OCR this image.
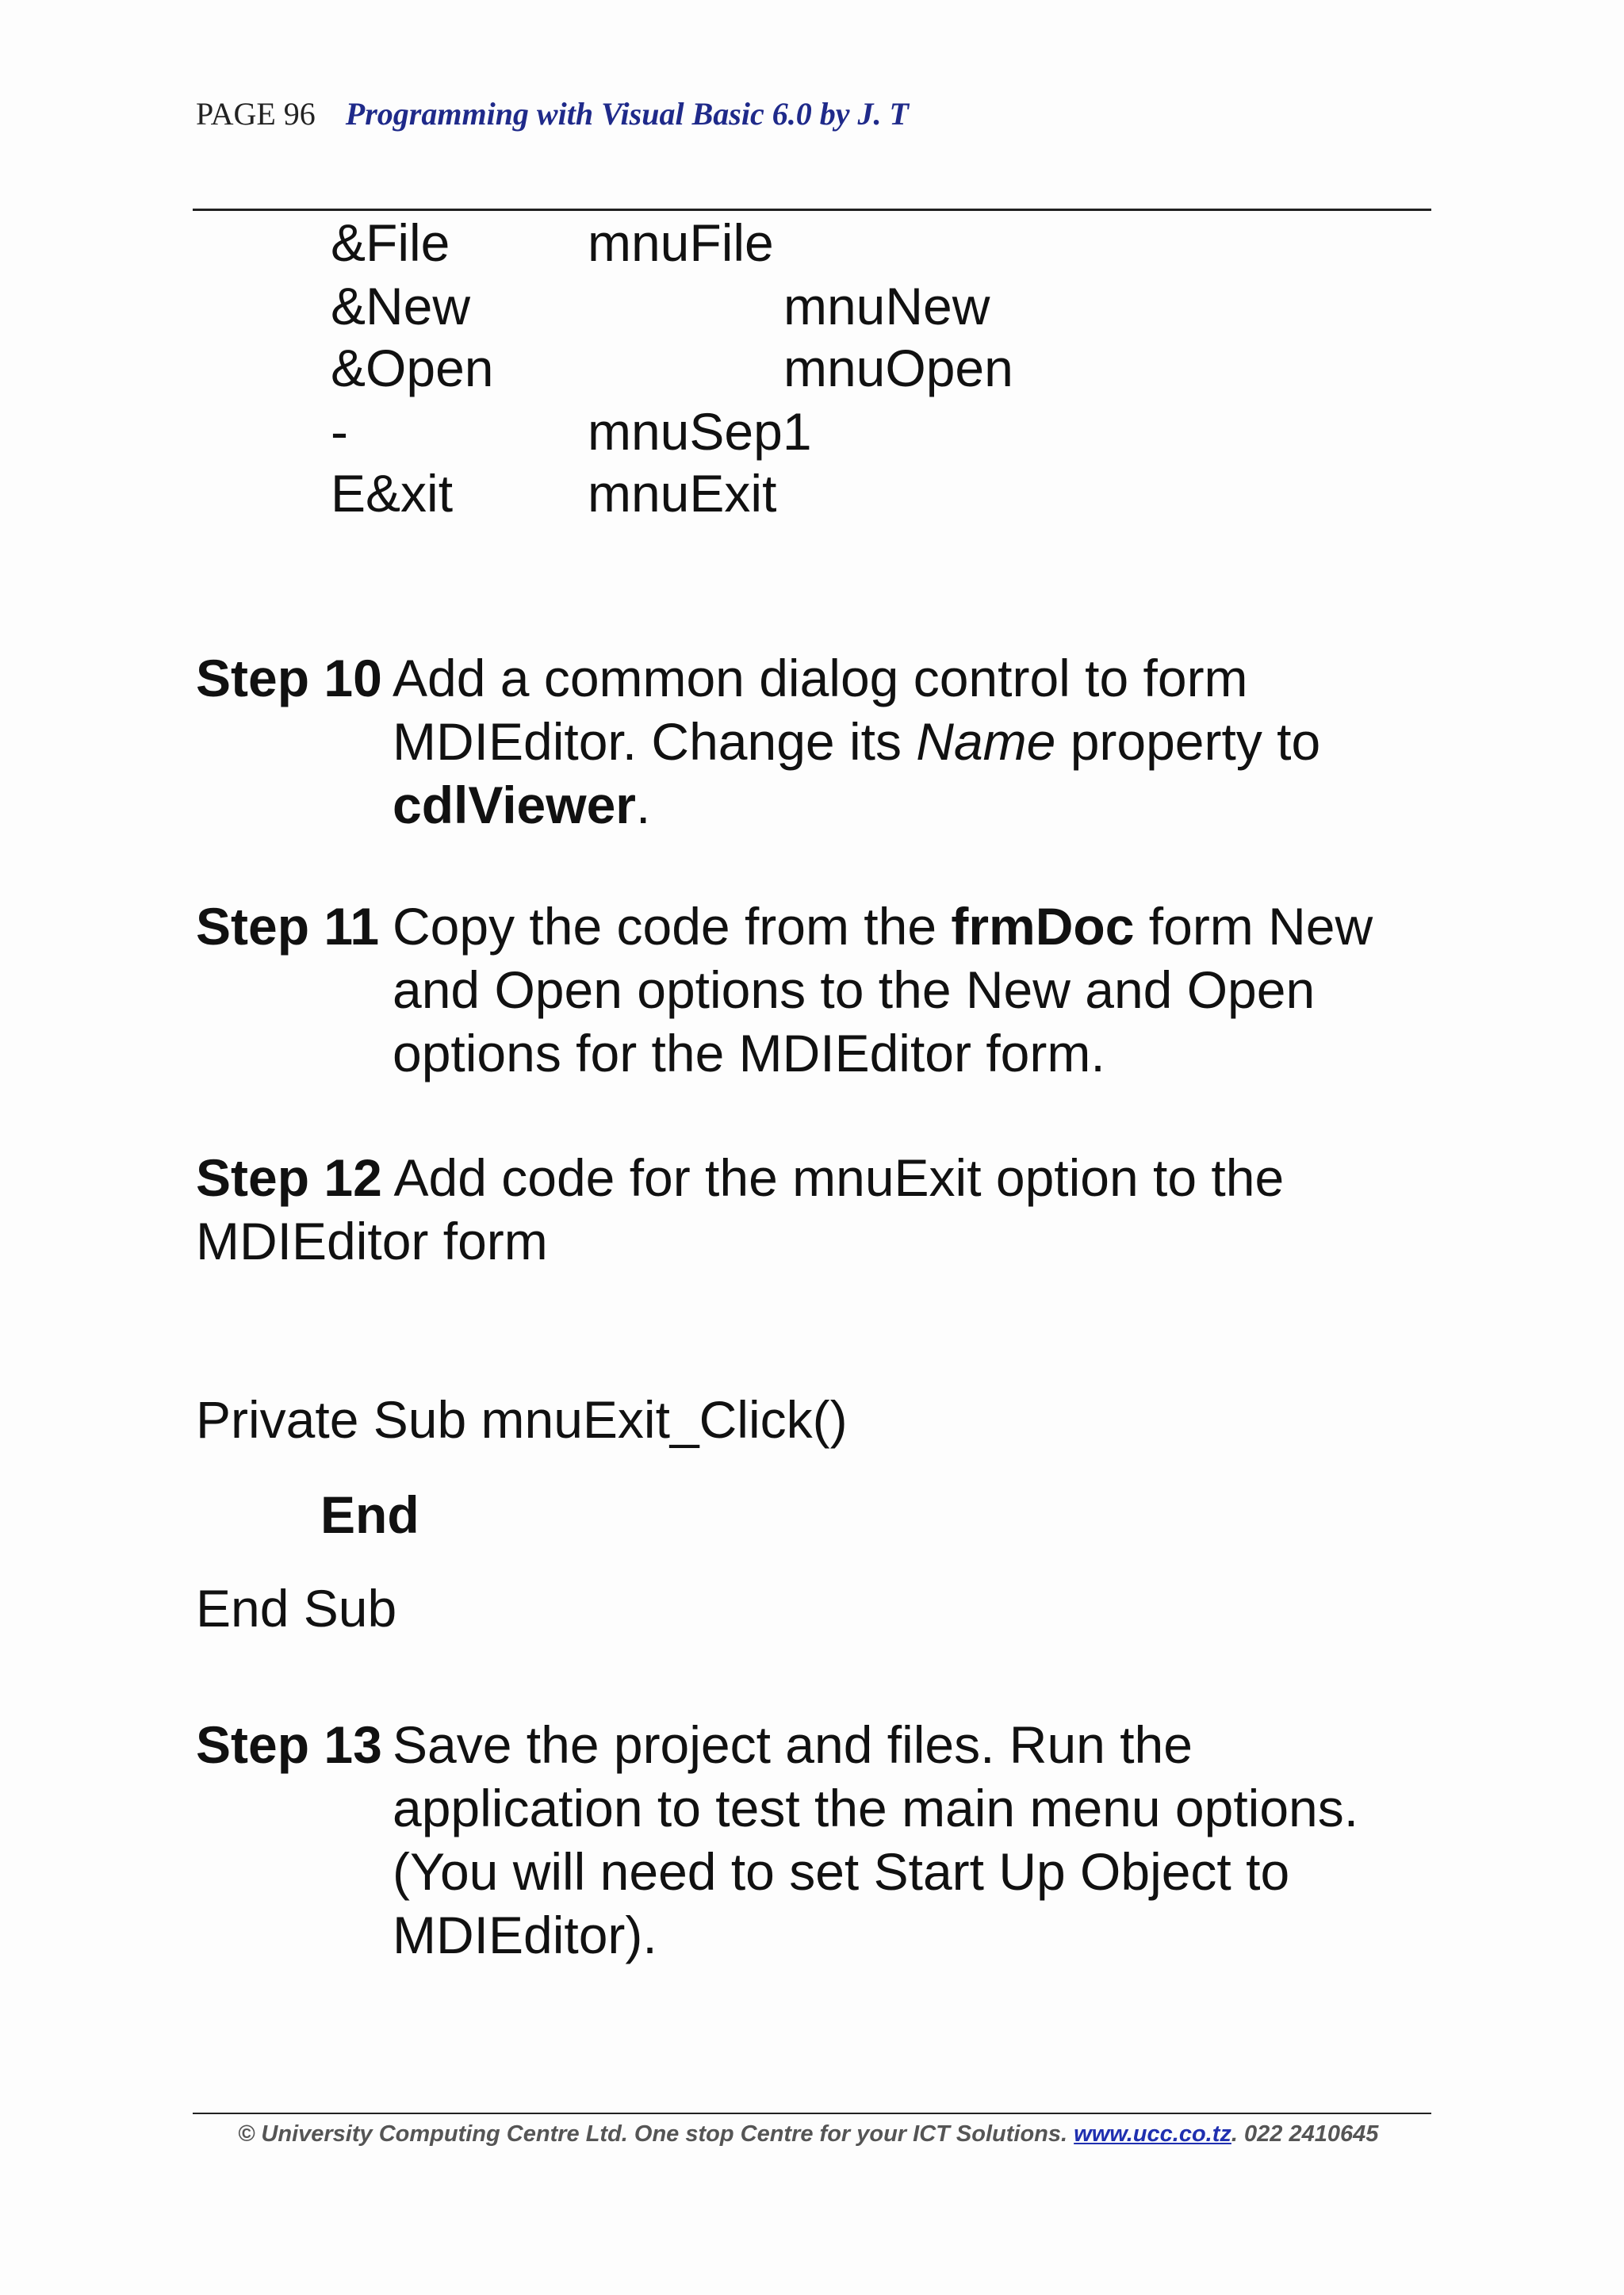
PAGE 96 Programming with Visual Basic 6.0 by J. T
&File	mnuFile
&New	mnuNew
&Open	mnuOpen
-	mnuSep1
E&xit	mnuExit
Step 10 Add a common dialog control to form
MDIEditor. Change its Name property to
cdlViewer.
Step 11 Copy the code from the frmDoc form New
and Open options to the New and Open
options for the MDIEditor form.
Step 12 Add code for the mnuExit option to the
MDIEditor form
Private Sub mnuExit_Click()
End
End Sub
Step 13 Save the project and files. Run the
application to test the main menu options.
(You will need to set Start Up Object to
MDIEditor).
© University Computing Centre Ltd. One stop Centre for your ICT Solutions. www.ucc.co.tz. 022 2410645
